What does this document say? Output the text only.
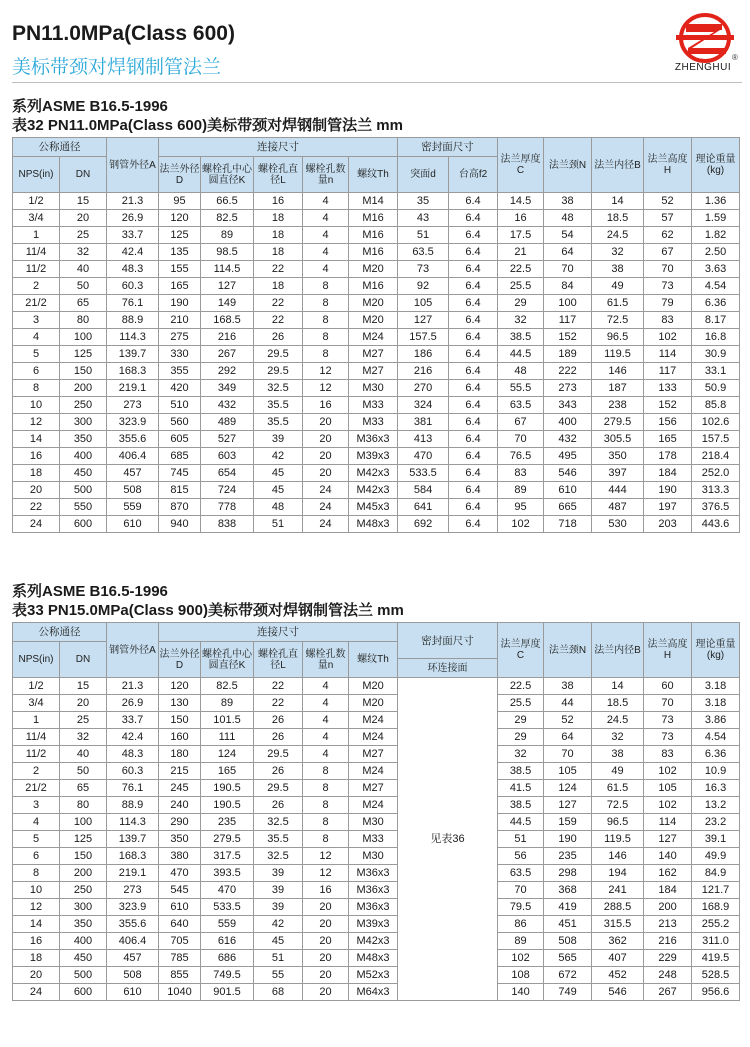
PN11.0MPa(Class 600)
美标带颈对焊钢制管法兰	®
ZHENGHUI
系列ASME B16.5-1996
表32 PN11.0MPa(Class 600)美标带颈对焊钢制管法兰 mm
公称通径		钢管外径A	连接尺寸					密封面尺寸		法兰厚度C	法兰颈N	法兰内径B	法兰高度H	理论重量(kg)
NPS(in)	DN		法兰外径D	螺栓孔中心圆直径K	螺栓孔直径L	螺栓孔数量n	螺纹Th	突面d	台高f2					

1/2	15	21.3	95	66.5	16	4	M14	35	6.4	14.5	38	14	52	1.36
3/4	20	26.9	120	82.5	18	4	M16	43	6.4	16	48	18.5	57	1.59
1	25	33.7	125	89	18	4	M16	51	6.4	17.5	54	24.5	62	1.82
11/4	32	42.4	135	98.5	18	4	M16	63.5	6.4	21	64	32	67	2.50
11/2	40	48.3	155	114.5	22	4	M20	73	6.4	22.5	70	38	70	3.63
2	50	60.3	165	127	18	8	M16	92	6.4	25.5	84	49	73	4.54
21/2	65	76.1	190	149	22	8	M20	105	6.4	29	100	61.5	79	6.36
3	80	88.9	210	168.5	22	8	M20	127	6.4	32	117	72.5	83	8.17
4	100	114.3	275	216	26	8	M24	157.5	6.4	38.5	152	96.5	102	16.8
5	125	139.7	330	267	29.5	8	M27	186	6.4	44.5	189	119.5	114	30.9
6	150	168.3	355	292	29.5	12	M27	216	6.4	48	222	146	117	33.1
8	200	219.1	420	349	32.5	12	M30	270	6.4	55.5	273	187	133	50.9
10	250	273	510	432	35.5	16	M33	324	6.4	63.5	343	238	152	85.8
12	300	323.9	560	489	35.5	20	M33	381	6.4	67	400	279.5	156	102.6
14	350	355.6	605	527	39	20	M36x3	413	6.4	70	432	305.5	165	157.5
16	400	406.4	685	603	42	20	M39x3	470	6.4	76.5	495	350	178	218.4
18	450	457	745	654	45	20	M42x3	533.5	6.4	83	546	397	184	252.0
20	500	508	815	724	45	24	M42x3	584	6.4	89	610	444	190	313.3
22	550	559	870	778	48	24	M45x3	641	6.4	95	665	487	197	376.5
24	600	610	940	838	51	24	M48x3	692	6.4	102	718	530	203	443.6
系列ASME B16.5-1996
表33 PN15.0MPa(Class 900)美标带颈对焊钢制管法兰 mm
公称通径		钢管外径A	连接尺寸					密封面尺寸	法兰厚度C	法兰颈N	法兰内径B	法兰高度H	理论重量(kg)
NPS(in)	DN		法兰外径D	螺栓孔中心圆直径K	螺栓孔直径L	螺栓孔数量n	螺纹Th						
								环连接面					
1/2	15	21.3	120	82.5	22	4	M20	见表36	22.5	38	14	60	3.18
3/4	20	26.9	130	89	22	4	M20		25.5	44	18.5	70	3.18
1	25	33.7	150	101.5	26	4	M24		29	52	24.5	73	3.86
11/4	32	42.4	160	111	26	4	M24		29	64	32	73	4.54
11/2	40	48.3	180	124	29.5	4	M27		32	70	38	83	6.36
2	50	60.3	215	165	26	8	M24		38.5	105	49	102	10.9
21/2	65	76.1	245	190.5	29.5	8	M27		41.5	124	61.5	105	16.3
3	80	88.9	240	190.5	26	8	M24		38.5	127	72.5	102	13.2
4	100	114.3	290	235	32.5	8	M30		44.5	159	96.5	114	23.2
5	125	139.7	350	279.5	35.5	8	M33		51	190	119.5	127	39.1
6	150	168.3	380	317.5	32.5	12	M30		56	235	146	140	49.9
8	200	219.1	470	393.5	39	12	M36x3		63.5	298	194	162	84.9
10	250	273	545	470	39	16	M36x3		70	368	241	184	121.7
12	300	323.9	610	533.5	39	20	M36x3		79.5	419	288.5	200	168.9
14	350	355.6	640	559	42	20	M39x3		86	451	315.5	213	255.2
16	400	406.4	705	616	45	20	M42x3		89	508	362	216	311.0
18	450	457	785	686	51	20	M48x3		102	565	407	229	419.5
20	500	508	855	749.5	55	20	M52x3		108	672	452	248	528.5
24	600	610	1040	901.5	68	20	M64x3		140	749	546	267	956.6
